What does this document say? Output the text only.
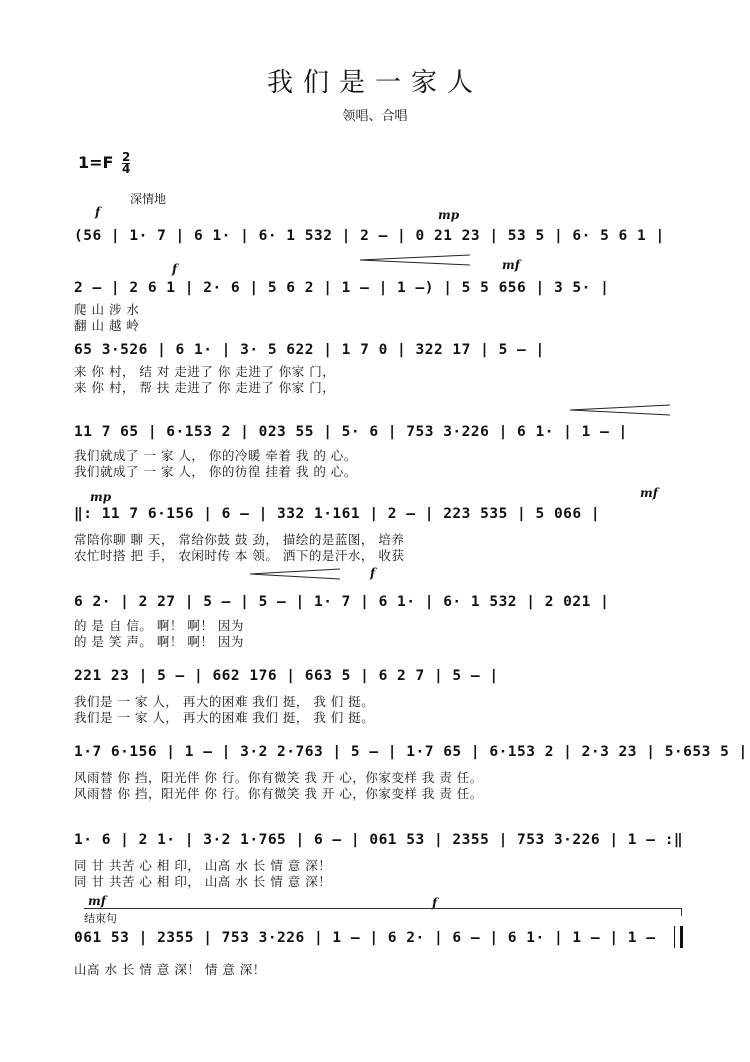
我们是一家人
领唱、合唱
$1=F \frac{2}{4}$
深情地
f	mp
f	mf
mp	mf
f
mf	f
(56 | 1· 7 | 6 1· | 6· 1 532 | 2 – | 0 21 23 | 53 5 | 6· 5 6 1 |
2 – | 2 6 1 | 2· 6 | 5 6 2 | 1 – | 1 –) | 5 5 656 | 3 5· |
爬 山 涉 水
翻 山 越 岭
65 3·526 | 6 1· | 3· 5 622 | 1 7 0 | 322 17 | 5 – |
来 你 村， 结 对 走进了 你 走进了 你家 门，
来 你 村， 帮 扶 走进了 你 走进了 你家 门，
11 7 65 | 6·153 2 | 023 55 | 5· 6 | 753 3·226 | 6 1· | 1 – |
我们就成了 一 家 人， 你的冷暖 牵着 我 的 心。
我们就成了 一 家 人， 你的彷徨 挂着 我 的 心。
‖: 11 7 6·156 | 6 – | 332 1·161 | 2 – | 223 535 | 5 066 |
常陪你聊 聊 天， 常给你鼓 鼓 劲， 描绘的是蓝图， 培养
农忙时搭 把 手， 农闲时传 本 领。 洒下的是汗水， 收获
6 2· | 2 27 | 5 – | 5 – | 1· 7 | 6 1· | 6· 1 532 | 2 021 |
的 是 自 信。 啊！ 啊！ 因为
的 是 笑 声。 啊！ 啊！ 因为
221 23 | 5 – | 662 176 | 663 5 | 6 2 7 | 5 – |
我们是 一 家 人， 再大的困难 我们 挺， 我 们 挺。
我们是 一 家 人， 再大的困难 我们 挺， 我 们 挺。
1·7 6·156 | 1 – | 3·2 2·763 | 5 – | 1·7 65 | 6·153 2 | 2·3 23 | 5·653 5 |
风雨替 你 挡，阳光伴 你 行。你有微笑 我 开 心，你家变样 我 责 任。
风雨替 你 挡，阳光伴 你 行。你有微笑 我 开 心，你家变样 我 责 任。
1· 6 | 2 1· | 3·2 1·765 | 6 – | 061 53 | 2355 | 753 3·226 | 1 – :‖
同 甘 共苦 心 相 印， 山高 水 长 情 意 深！
同 甘 共苦 心 相 印， 山高 水 长 情 意 深！
结束句
061 53 | 2355 | 753 3·226 | 1 – | 6 2· | 6 – | 6 1· | 1 – | 1 –
山高 水 长 情 意 深！ 情 意 深！
